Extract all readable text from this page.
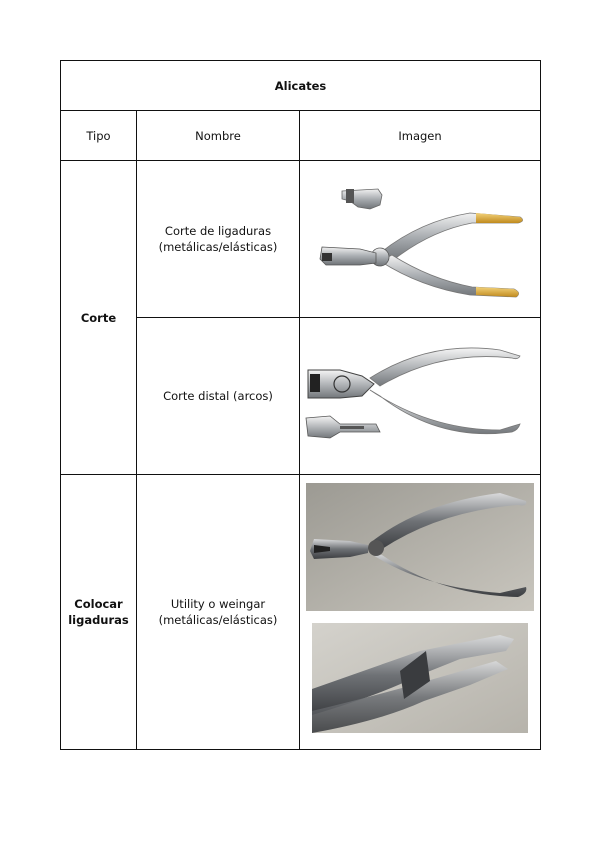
Alicates		
Tipo	Nombre	Imagen
Corte	Corte de ligaduras
(metálicas/elásticas)

	Corte distal (arcos)

Colocar
ligaduras	Utility o weingar
(metálicas/elásticas)
